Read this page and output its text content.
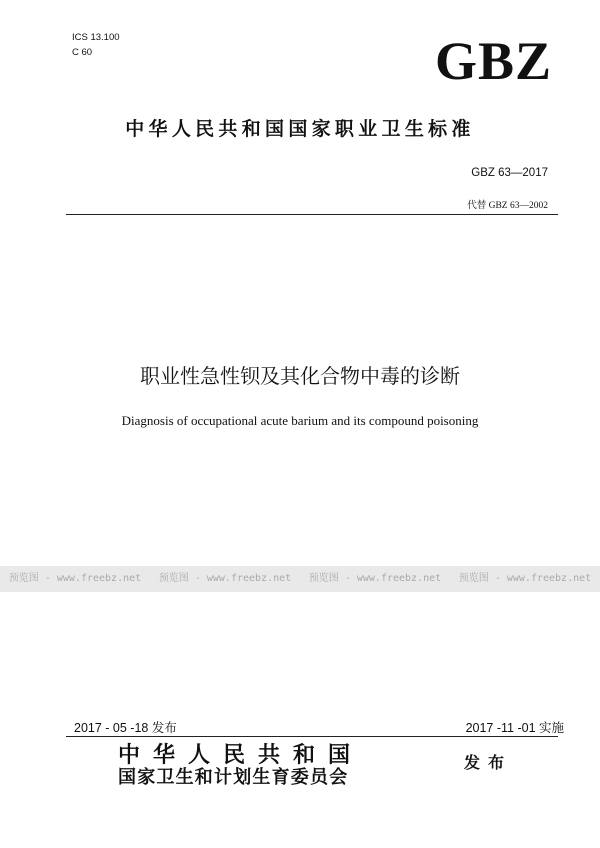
ICS 13.100
C 60	GBZ
中华人民共和国国家职业卫生标准
GBZ 63—2017
代替 GBZ 63—2002
职业性急性钡及其化合物中毒的诊断
Diagnosis of occupational acute barium and its compound poisoning
预览图 - www.freebz.net 预览图 - www.freebz.net 预览图 - www.freebz.net 预览图 - www.freebz.net
2017 - 05 -18 发布	2017 -11 -01 实施
中华人民共和国
国家卫生和计划生育委员会
发布
